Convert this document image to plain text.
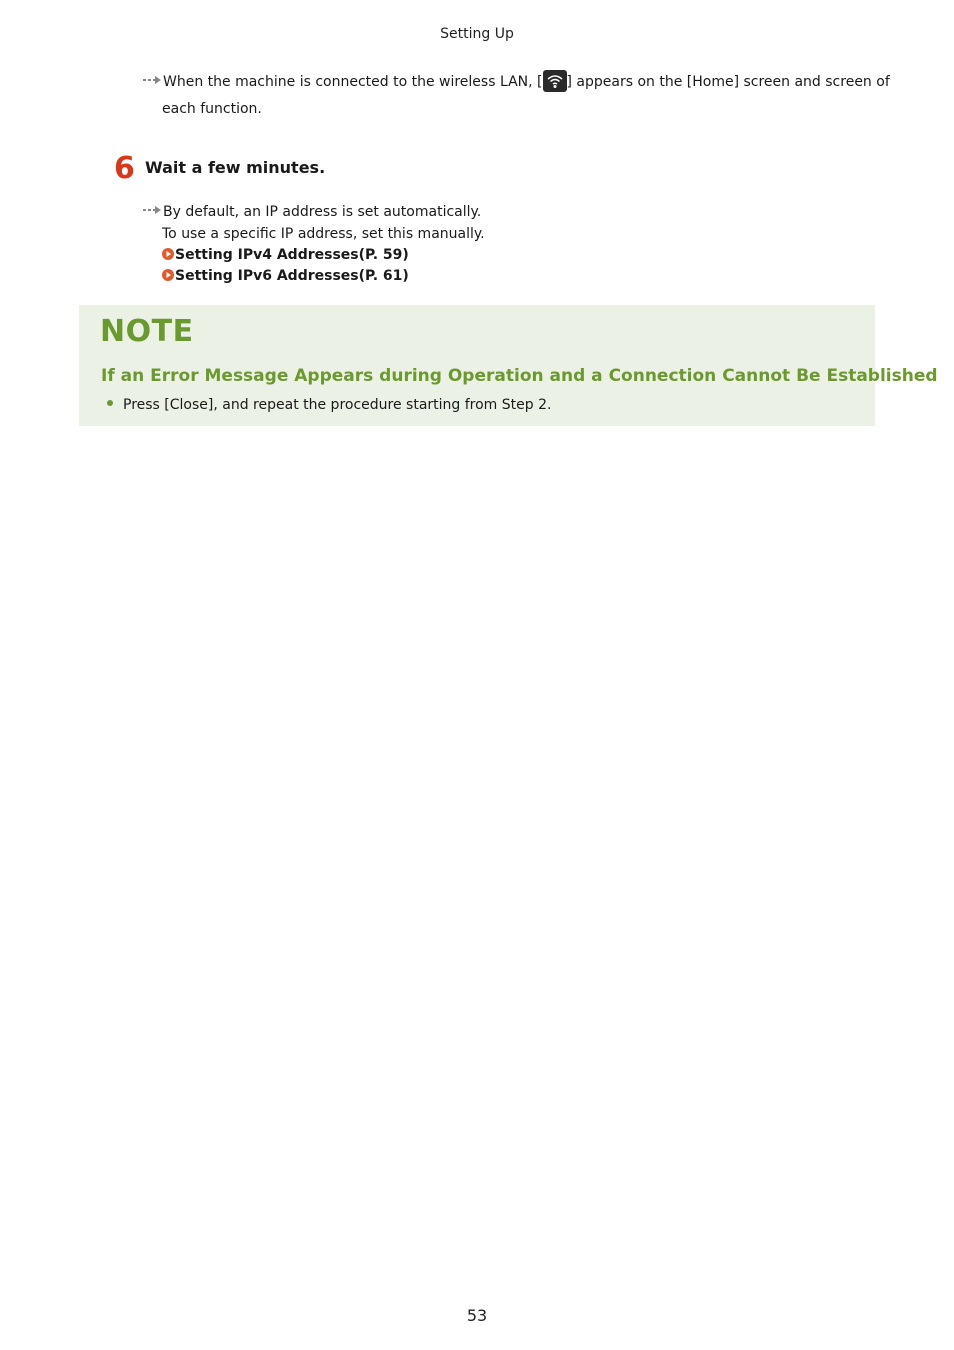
Setting Up
When the machine is connected to the wireless LAN, [ ] appears on the [Home] screen and screen of
each function.
6 Wait a few minutes.
By default, an IP address is set automatically.
To use a specific IP address, set this manually.
Setting IPv4 Addresses(P. 59)
Setting IPv6 Addresses(P. 61)
NOTE
If an Error Message Appears during Operation and a Connection Cannot Be Established
Press [Close], and repeat the procedure starting from Step 2.
53
